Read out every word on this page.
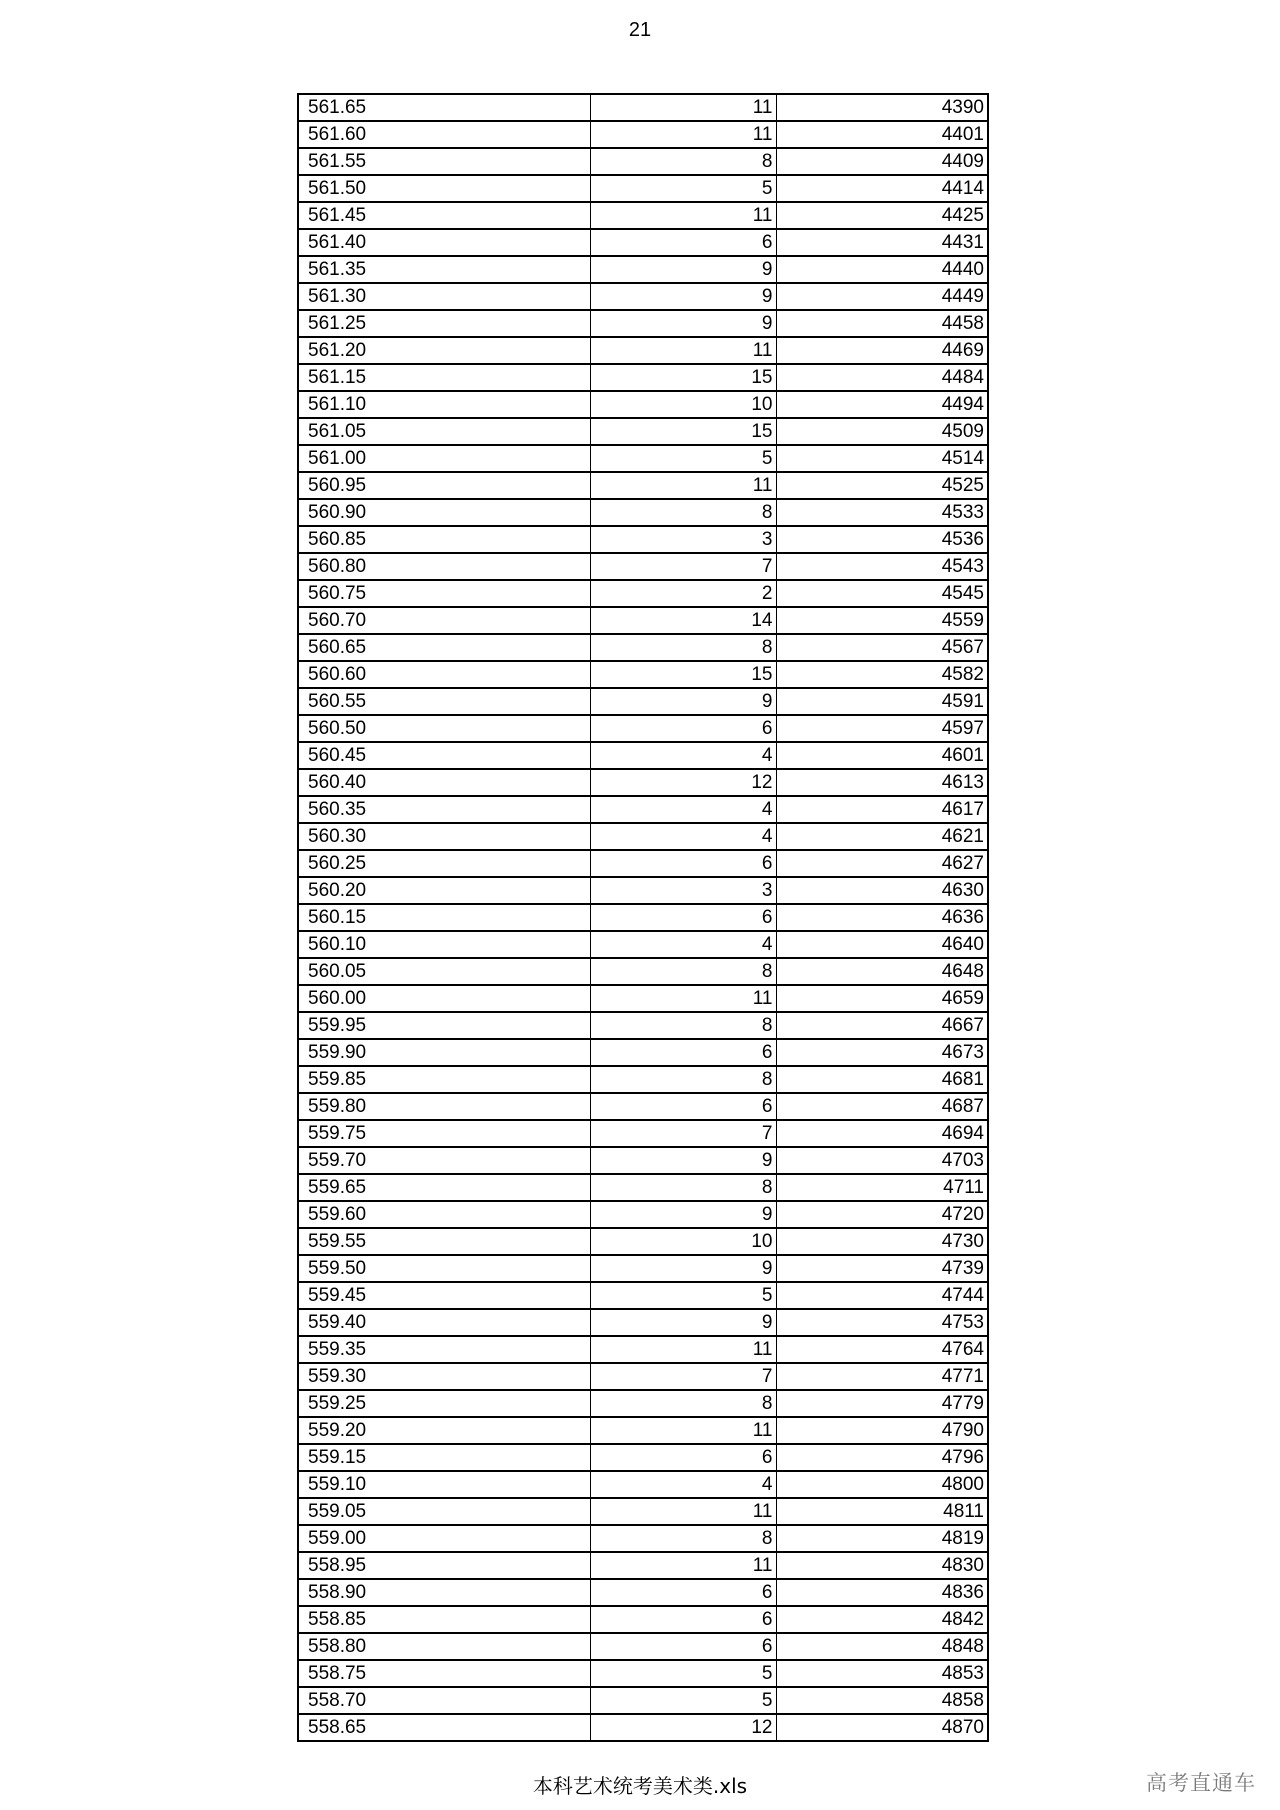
21
561.65	11	4390
561.60	11	4401
561.55	8	4409
561.50	5	4414
561.45	11	4425
561.40	6	4431
561.35	9	4440
561.30	9	4449
561.25	9	4458
561.20	11	4469
561.15	15	4484
561.10	10	4494
561.05	15	4509
561.00	5	4514
560.95	11	4525
560.90	8	4533
560.85	3	4536
560.80	7	4543
560.75	2	4545
560.70	14	4559
560.65	8	4567
560.60	15	4582
560.55	9	4591
560.50	6	4597
560.45	4	4601
560.40	12	4613
560.35	4	4617
560.30	4	4621
560.25	6	4627
560.20	3	4630
560.15	6	4636
560.10	4	4640
560.05	8	4648
560.00	11	4659
559.95	8	4667
559.90	6	4673
559.85	8	4681
559.80	6	4687
559.75	7	4694
559.70	9	4703
559.65	8	4711
559.60	9	4720
559.55	10	4730
559.50	9	4739
559.45	5	4744
559.40	9	4753
559.35	11	4764
559.30	7	4771
559.25	8	4779
559.20	11	4790
559.15	6	4796
559.10	4	4800
559.05	11	4811
559.00	8	4819
558.95	11	4830
558.90	6	4836
558.85	6	4842
558.80	6	4848
558.75	5	4853
558.70	5	4858
558.65	12	4870
本科艺术统考美术类.xls	高考直通车
